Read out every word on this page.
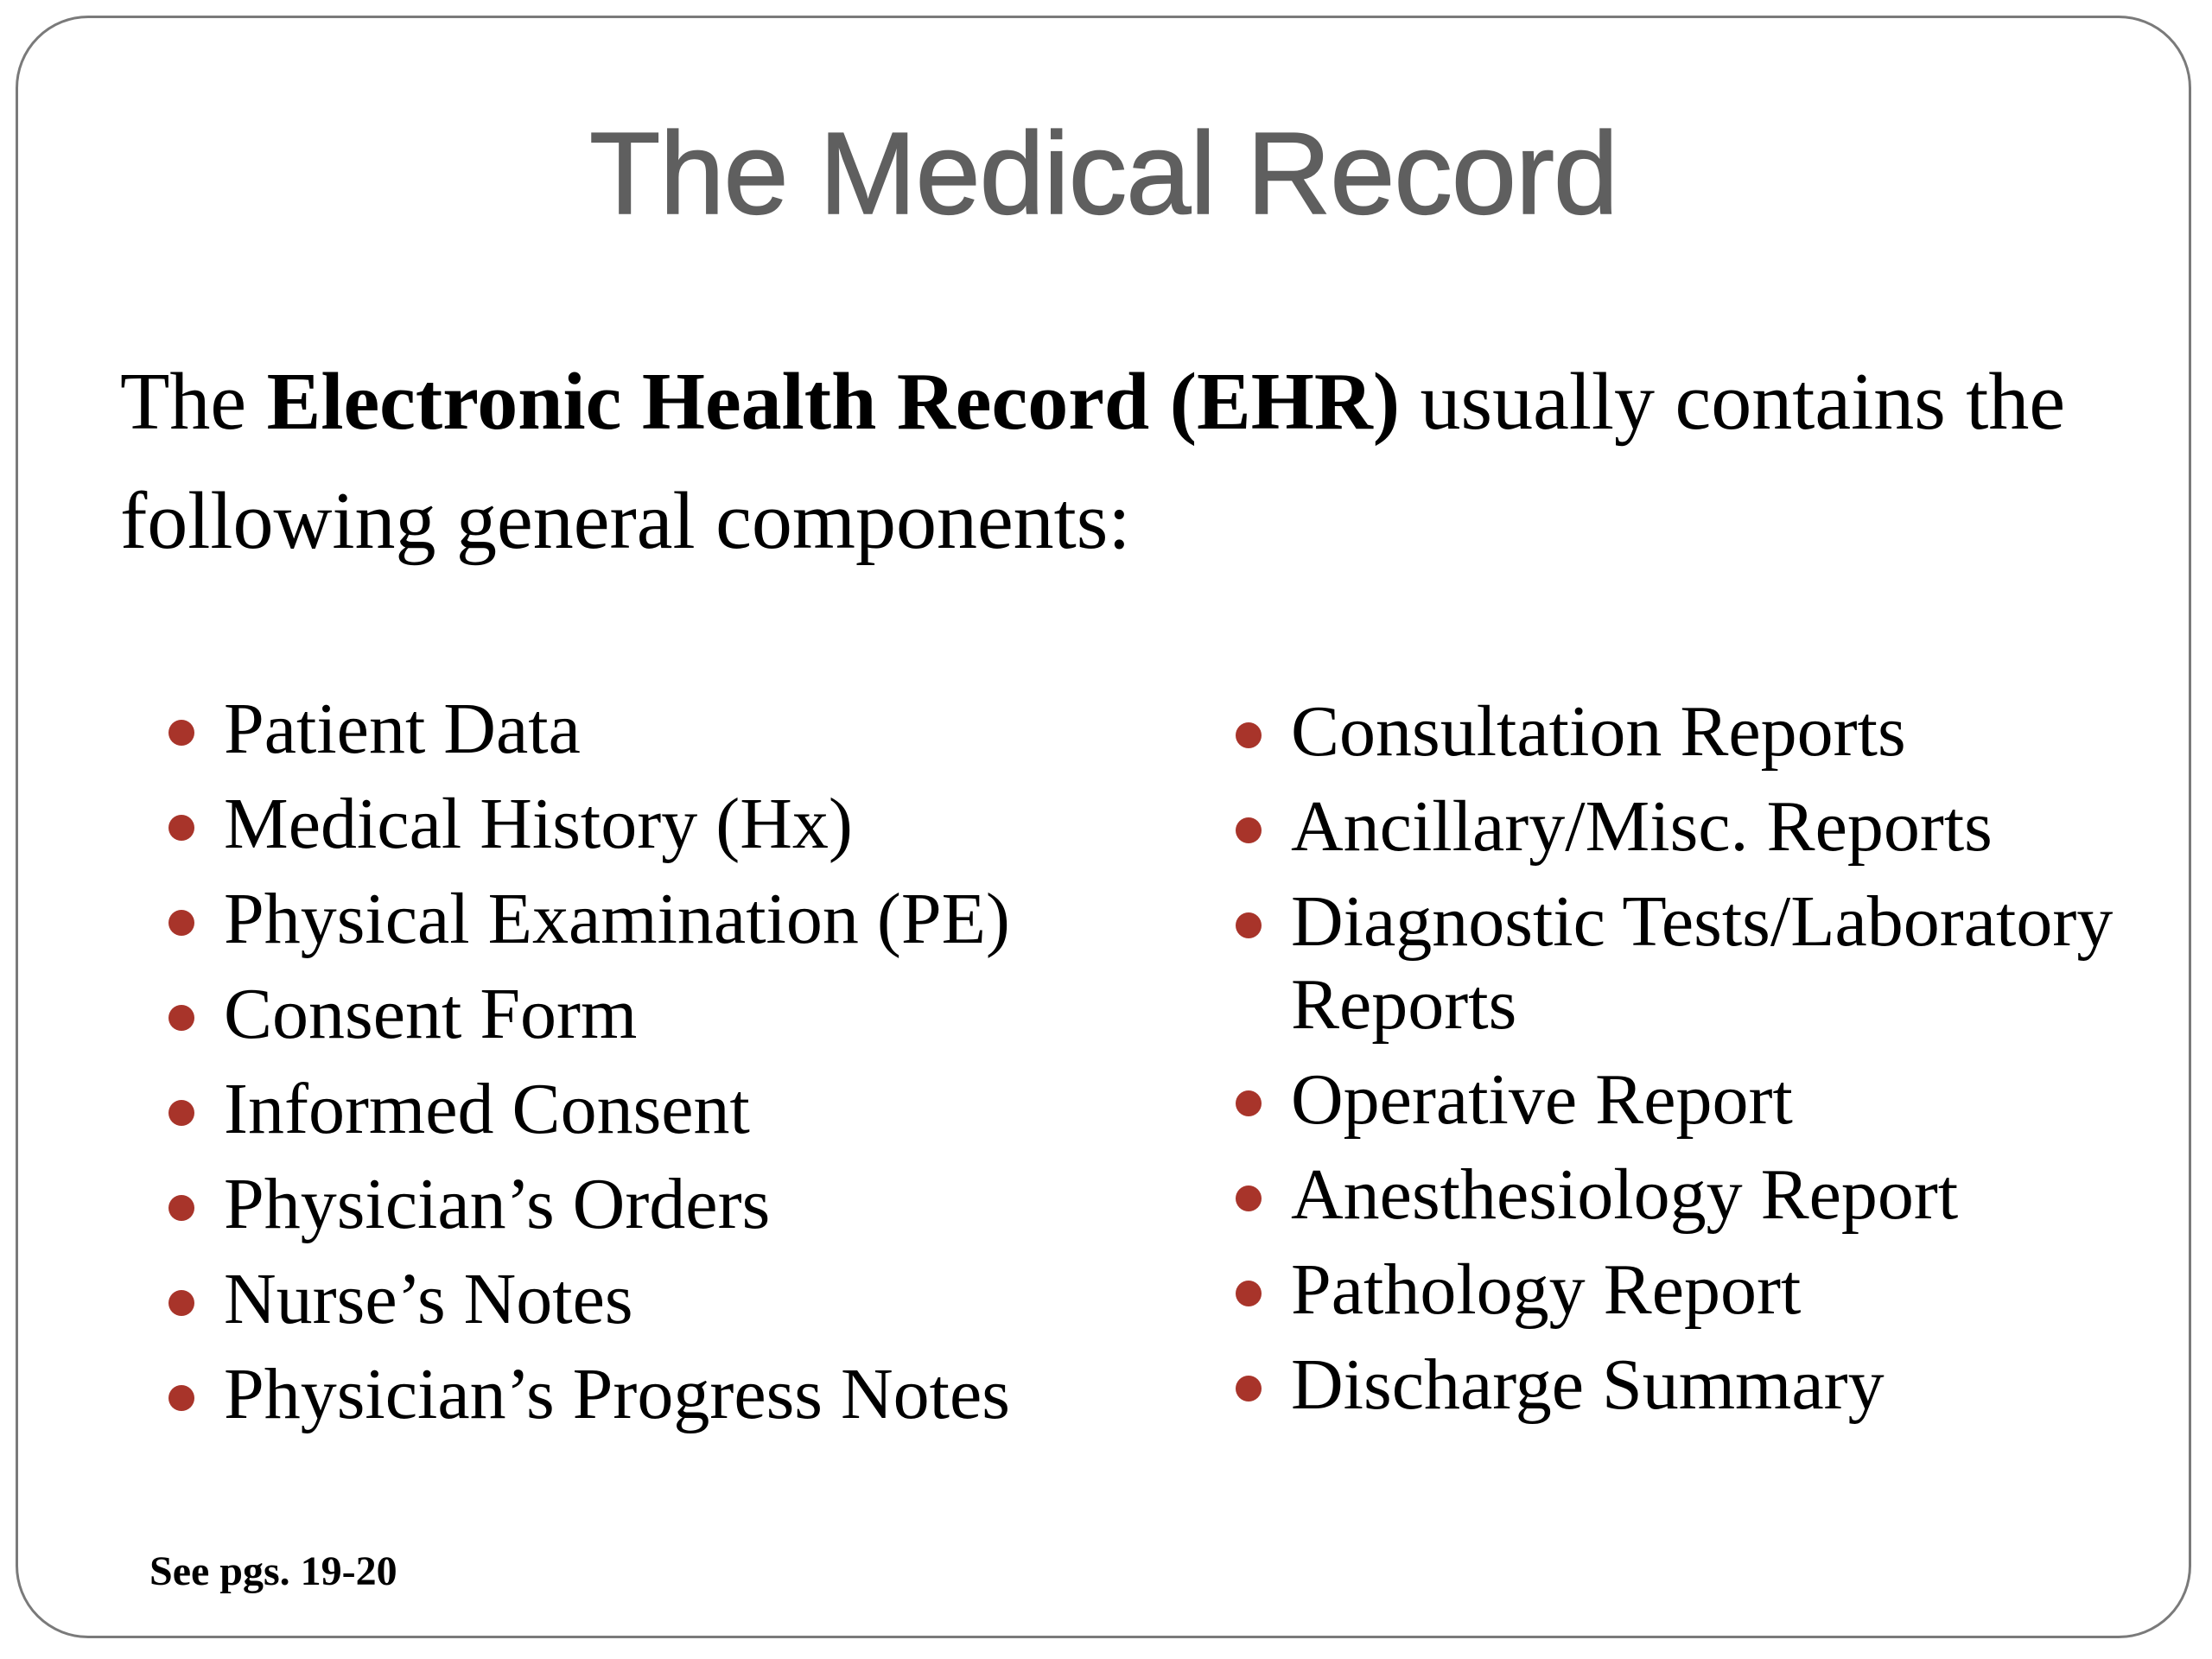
The Medical Record
The Electronic Health Record (EHR) usually contains the following general components:
Patient Data
Medical History (Hx)
Physical Examination (PE)
Consent Form
Informed Consent
Physician’s Orders
Nurse’s Notes
Physician’s Progress Notes
Consultation Reports
Ancillary/Misc. Reports
Diagnostic Tests/Laboratory Reports
Operative Report
Anesthesiology Report
Pathology Report
Discharge Summary
See pgs. 19-20
